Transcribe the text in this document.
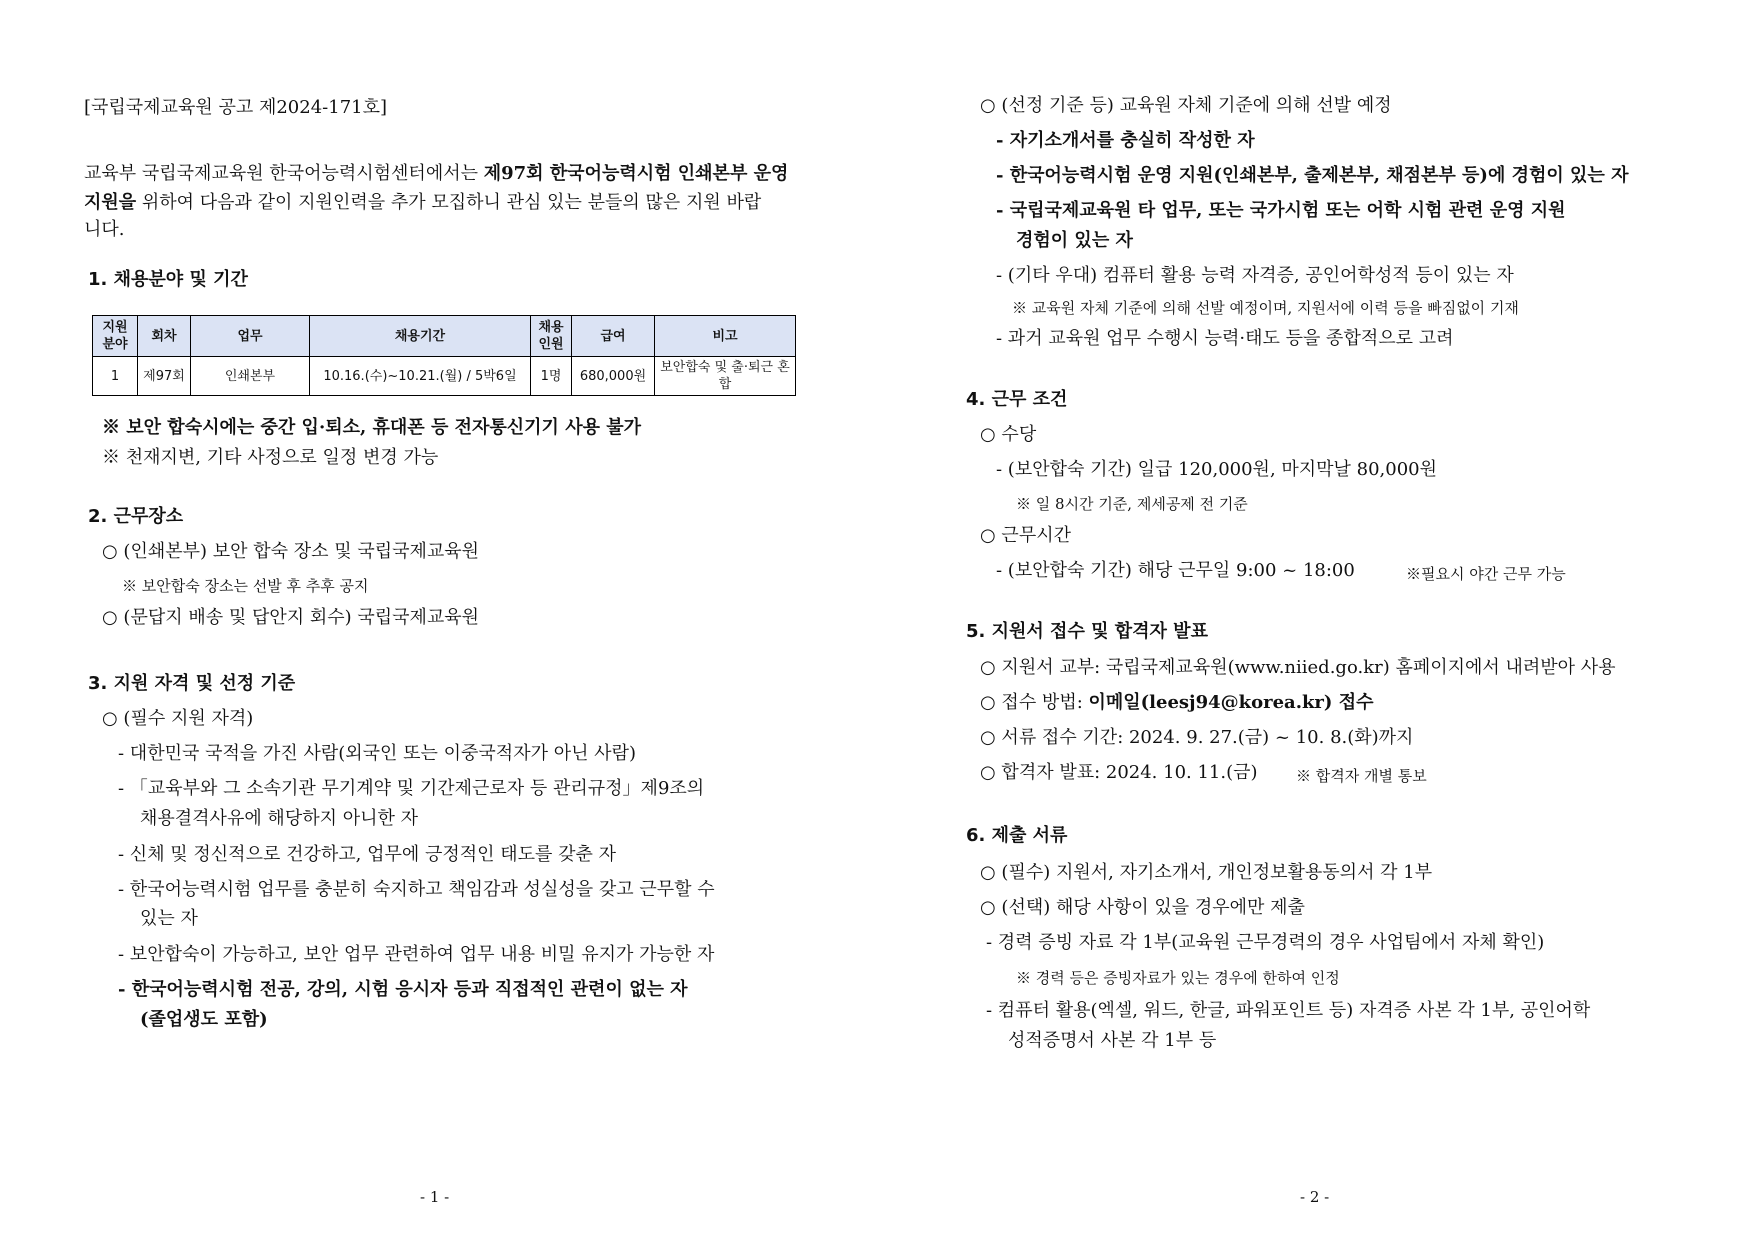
[국립국제교육원 공고 제2024-171호]
교육부 국립국제교육원 한국어능력시험센터에서는 제97회 한국어능력시험 인쇄본부 운영
지원을 위하여 다음과 같이 지원인력을 추가 모집하니 관심 있는 분들의 많은 지원 바랍
니다.
1. 채용분야 및 기간
지원 분야	회차	업무	채용기간	채용 인원	급여	비고
1	제97회	인쇄본부	10.16.(수)~10.21.(월) / 5박6일	1명	680,000원	보안합숙 및 출·퇴근 혼합
※ 보안 합숙시에는 중간 입·퇴소, 휴대폰 등 전자통신기기 사용 불가
※ 천재지변, 기타 사정으로 일정 변경 가능
2. 근무장소
○ (인쇄본부) 보안 합숙 장소 및 국립국제교육원
※ 보안합숙 장소는 선발 후 추후 공지
○ (문답지 배송 및 답안지 회수) 국립국제교육원
3. 지원 자격 및 선정 기준
○ (필수 지원 자격)
- 대한민국 국적을 가진 사람(외국인 또는 이중국적자가 아닌 사람)
- 「교육부와 그 소속기관 무기계약 및 기간제근로자 등 관리규정」제9조의
채용결격사유에 해당하지 아니한 자
- 신체 및 정신적으로 건강하고, 업무에 긍정적인 태도를 갖춘 자
- 한국어능력시험 업무를 충분히 숙지하고 책임감과 성실성을 갖고 근무할 수
있는 자
- 보안합숙이 가능하고, 보안 업무 관련하여 업무 내용 비밀 유지가 가능한 자
- 한국어능력시험 전공, 강의, 시험 응시자 등과 직접적인 관련이 없는 자
(졸업생도 포함)
- 1 -
○ (선정 기준 등) 교육원 자체 기준에 의해 선발 예정
- 자기소개서를 충실히 작성한 자
- 한국어능력시험 운영 지원(인쇄본부, 출제본부, 채점본부 등)에 경험이 있는 자
- 국립국제교육원 타 업무, 또는 국가시험 또는 어학 시험 관련 운영 지원
경험이 있는 자
- (기타 우대) 컴퓨터 활용 능력 자격증, 공인어학성적 등이 있는 자
※ 교육원 자체 기준에 의해 선발 예정이며, 지원서에 이력 등을 빠짐없이 기재
- 과거 교육원 업무 수행시 능력·태도 등을 종합적으로 고려
4. 근무 조건
○ 수당
- (보안합숙 기간) 일급 120,000원, 마지막날 80,000원
※ 일 8시간 기준, 제세공제 전 기준
○ 근무시간
- (보안합숙 기간) 해당 근무일 9:00 ~ 18:00	※필요시 야간 근무 가능
5. 지원서 접수 및 합격자 발표
○ 지원서 교부: 국립국제교육원(www.niied.go.kr) 홈페이지에서 내려받아 사용
○ 접수 방법: 이메일(leesj94@korea.kr) 접수
○ 서류 접수 기간: 2024. 9. 27.(금) ~ 10. 8.(화)까지
○ 합격자 발표: 2024. 10. 11.(금)	※ 합격자 개별 통보
6. 제출 서류
○ (필수) 지원서, 자기소개서, 개인정보활용동의서 각 1부
○ (선택) 해당 사항이 있을 경우에만 제출
- 경력 증빙 자료 각 1부(교육원 근무경력의 경우 사업팀에서 자체 확인)
※ 경력 등은 증빙자료가 있는 경우에 한하여 인정
- 컴퓨터 활용(엑셀, 워드, 한글, 파워포인트 등) 자격증 사본 각 1부, 공인어학
성적증명서 사본 각 1부 등
- 2 -
